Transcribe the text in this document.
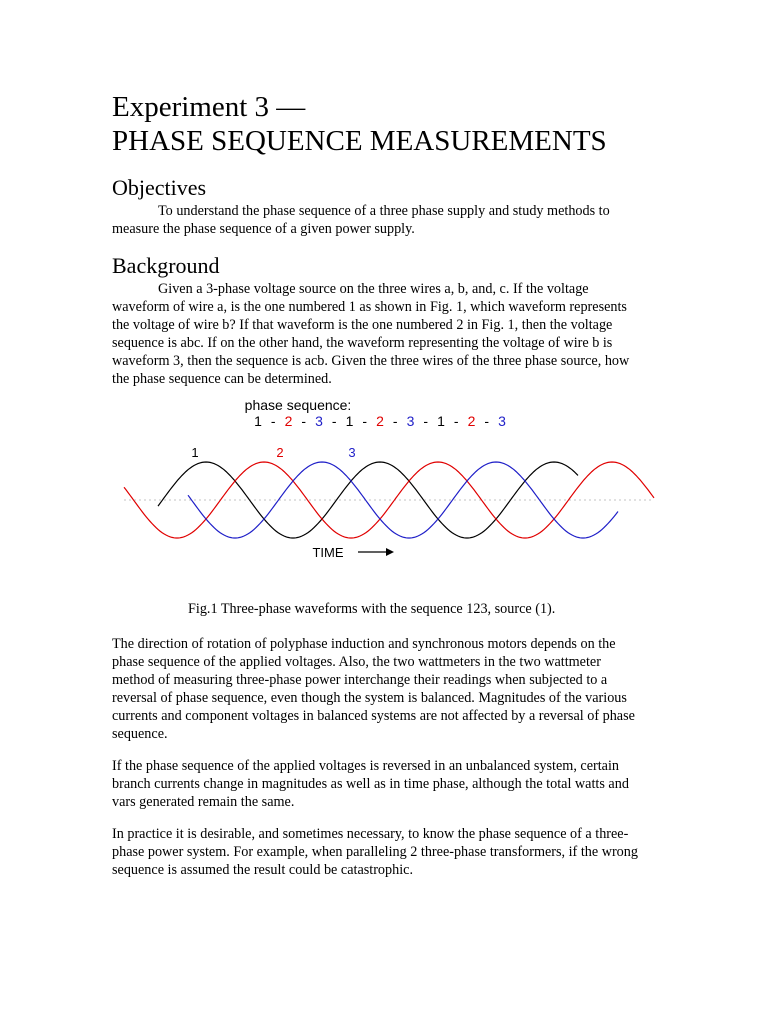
Experiment 3 —
PHASE SEQUENCE MEASUREMENTS
Objectives

To understand the phase sequence of a three phase supply and study methods to measure the phase sequence of a given power supply.

Background

Given a 3-phase voltage source on the three wires a, b, and, c. If the voltage waveform of wire a, is the one numbered 1 as shown in Fig. 1, which waveform represents the voltage of wire b? If that waveform is the one numbered 2 in Fig. 1, then the voltage sequence is abc. If on the other hand, the waveform representing the voltage of wire b is waveform 3, then the sequence is acb. Given the three wires of the three phase source, how the phase sequence can be determined.

phase sequence:
1 - 2 - 3 - 1 - 2 - 3 - 1 - 2 - 3
1	2	3
TIME

Fig.1 Three-phase waveforms with the sequence 123, source (1).

The direction of rotation of polyphase induction and synchronous motors depends on the phase sequence of the applied voltages. Also, the two wattmeters in the two wattmeter method of measuring three-phase power interchange their readings when subjected to a reversal of phase sequence, even though the system is balanced. Magnitudes of the various currents and component voltages in balanced systems are not affected by a reversal of phase sequence.

If the phase sequence of the applied voltages is reversed in an unbalanced system, certain branch currents change in magnitudes as well as in time phase, although the total watts and vars generated remain the same.

In practice it is desirable, and sometimes necessary, to know the phase sequence of a three- phase power system. For example, when paralleling 2 three-phase transformers, if the wrong sequence is assumed the result could be catastrophic.
